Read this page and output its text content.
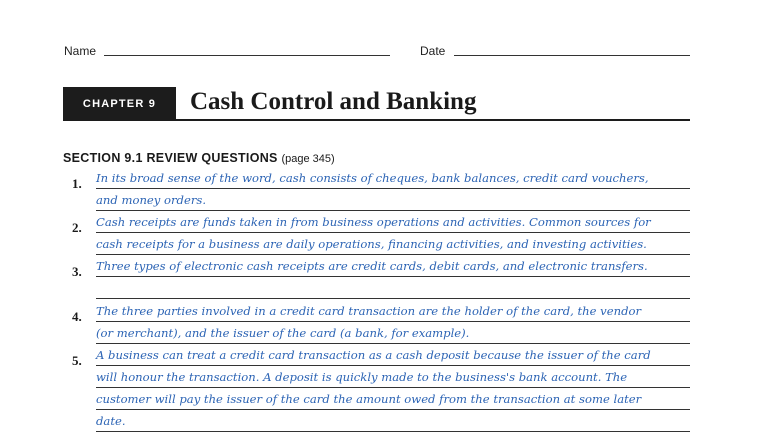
Name	Date
CHAPTER 9	Cash Control and Banking
SECTION 9.1 REVIEW QUESTIONS (page 345)
1. In its broad sense of the word, cash consists of cheques, bank balances, credit card vouchers,
and money orders.
2. Cash receipts are funds taken in from business operations and activities. Common sources for
cash receipts for a business are daily operations, financing activities, and investing activities.
3. Three types of electronic cash receipts are credit cards, debit cards, and electronic transfers.
4. The three parties involved in a credit card transaction are the holder of the card, the vendor
(or merchant), and the issuer of the card (a bank, for example).
5. A business can treat a credit card transaction as a cash deposit because the issuer of the card
will honour the transaction. A deposit is quickly made to the business's bank account. The
customer will pay the issuer of the card the amount owed from the transaction at some later
date.
